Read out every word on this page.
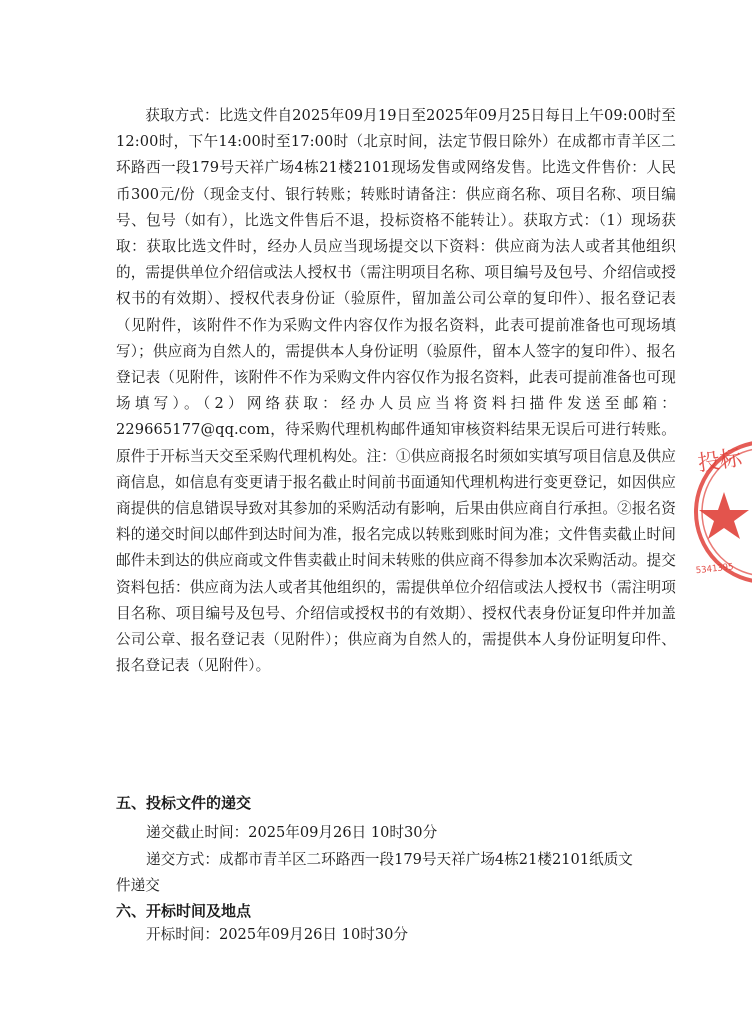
获取方式：比选文件自2025年09月19日至2025年09月25日每日上午09:00时至12:00时，下午14:00时至17:00时（北京时间，法定节假日除外）在成都市青羊区二环路西一段179号天祥广场4栋21楼2101现场发售或网络发售。比选文件售价：人民币300元/份（现金支付、银行转账；转账时请备注：供应商名称、项目名称、项目编号、包号（如有），比选文件售后不退，投标资格不能转让）。获取方式：（1）现场获取：获取比选文件时，经办人员应当现场提交以下资料：供应商为法人或者其他组织的，需提供单位介绍信或法人授权书（需注明项目名称、项目编号及包号、介绍信或授权书的有效期）、授权代表身份证（验原件，留加盖公司公章的复印件）、报名登记表（见附件，该附件不作为采购文件内容仅作为报名资料，此表可提前准备也可现场填写）；供应商为自然人的，需提供本人身份证明（验原件，留本人签字的复印件）、报名登记表（见附件，该附件不作为采购文件内容仅作为报名资料，此表可提前准备也可现场填写）。（2）网络获取：经办人员应当将资料扫描件发送至邮箱：229665177@qq.com，待采购代理机构邮件通知审核资料结果无误后可进行转账。原件于开标当天交至采购代理机构处。注：①供应商报名时须如实填写项目信息及供应商信息，如信息有变更请于报名截止时间前书面通知代理机构进行变更登记，如因供应商提供的信息错误导致对其参加的采购活动有影响，后果由供应商自行承担。②报名资料的递交时间以邮件到达时间为准，报名完成以转账到账时间为准；文件售卖截止时间邮件未到达的供应商或文件售卖截止时间未转账的供应商不得参加本次采购活动。提交资料包括：供应商为法人或者其他组织的，需提供单位介绍信或法人授权书（需注明项目名称、项目编号及包号、介绍信或授权书的有效期）、授权代表身份证复印件并加盖公司公章、报名登记表（见附件）；供应商为自然人的，需提供本人身份证明复印件、报名登记表（见附件）。

五、投标文件的递交

递交截止时间：2025年09月26日 10时30分

递交方式：成都市青羊区二环路西一段179号天祥广场4栋21楼2101纸质文

件递交

六、开标时间及地点

开标时间：2025年09月26日 10时30分

投标
5341395
